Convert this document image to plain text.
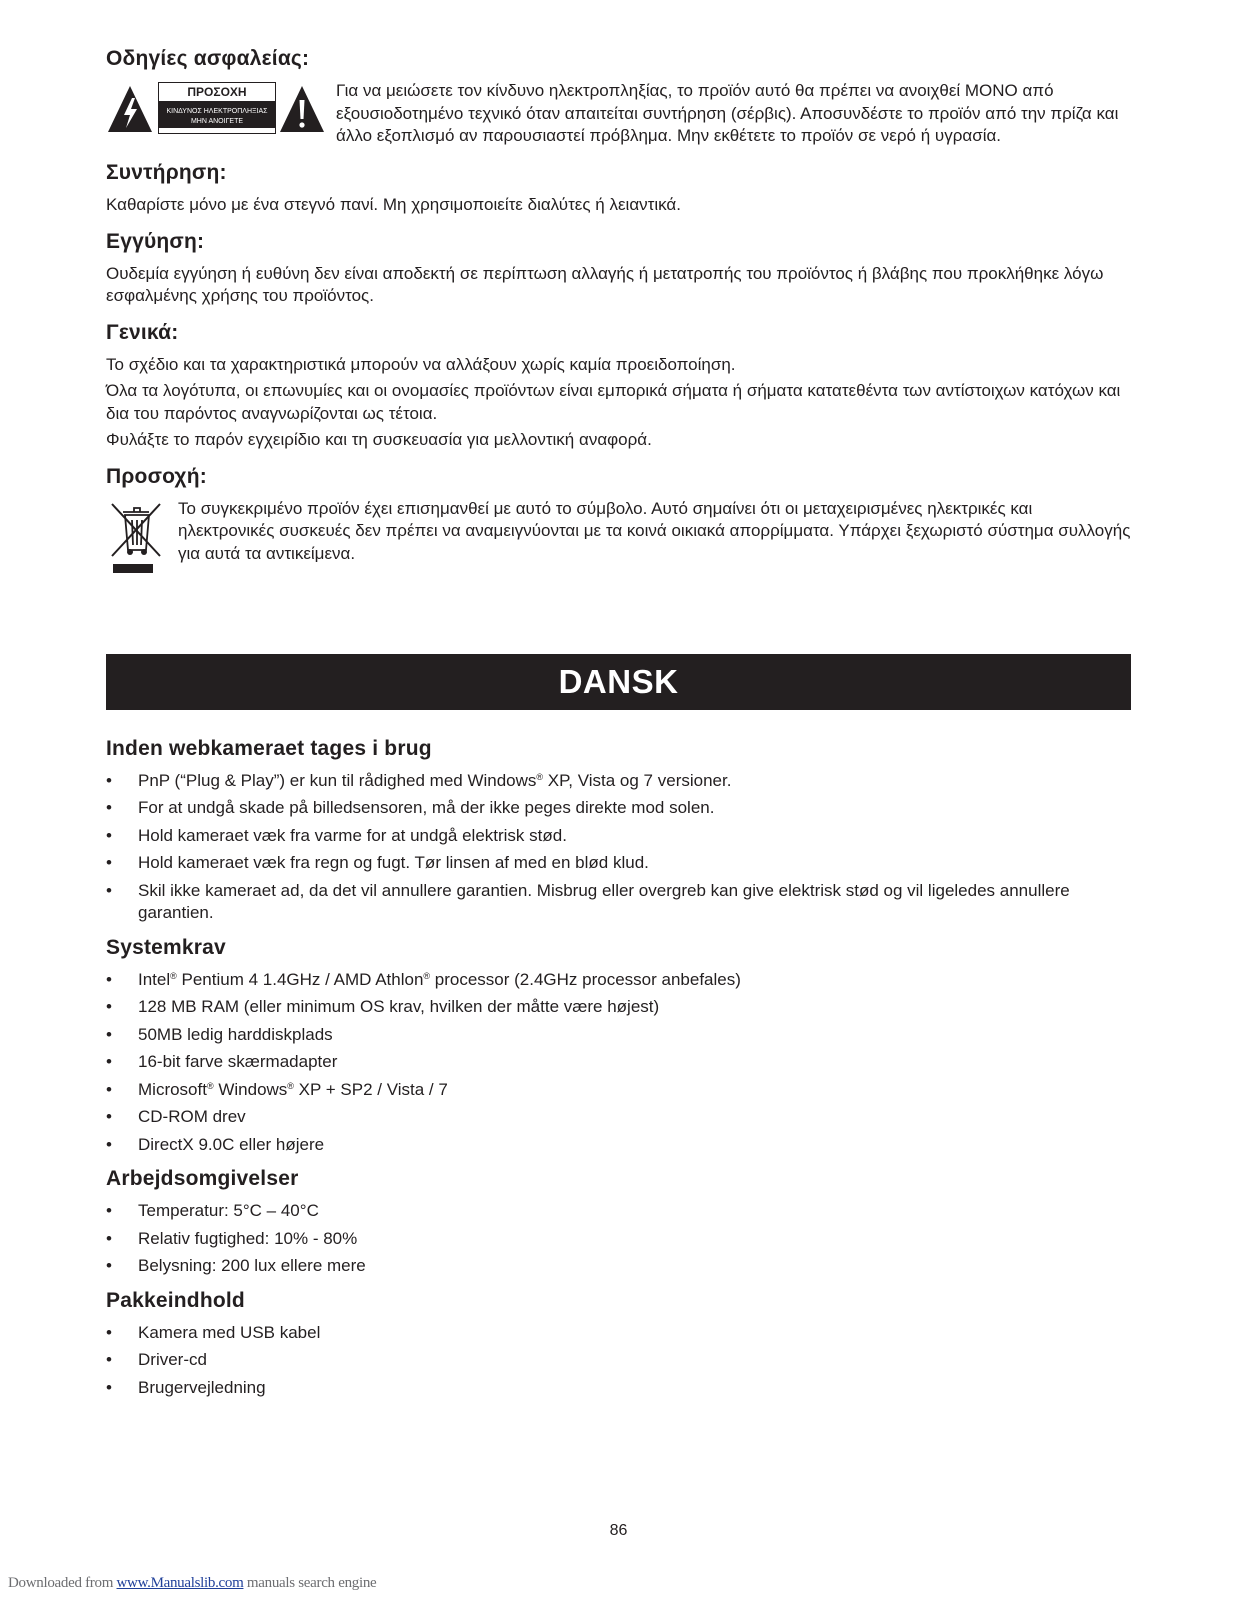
Οδηγίες ασφαλείας:
ΠΡΟΣΟΧΗ
ΚΙΝΔΥΝΟΣ ΗΛΕΚΤΡΟΠΛΗΞΙΑΣ
ΜΗΝ ΑΝΟΙΓΕΤΕ

Για να μειώσετε τον κίνδυνο ηλεκτροπληξίας, το προϊόν αυτό θα πρέπει να ανοιχθεί ΜΟΝΟ από εξουσιοδοτημένο τεχνικό όταν απαιτείται συντήρηση (σέρβις). Αποσυνδέστε το προϊόν από την πρίζα και άλλο εξοπλισμό αν παρουσιαστεί πρόβλημα. Μην εκθέτετε το προϊόν σε νερό ή υγρασία.

Συντήρηση:

Καθαρίστε μόνο με ένα στεγνό πανί. Μη χρησιμοποιείτε διαλύτες ή λειαντικά.

Εγγύηση:

Ουδεμία εγγύηση ή ευθύνη δεν είναι αποδεκτή σε περίπτωση αλλαγής ή μετατροπής του προϊόντος ή βλάβης που προκλήθηκε λόγω εσφαλμένης χρήσης του προϊόντος.

Γενικά:

Το σχέδιο και τα χαρακτηριστικά μπορούν να αλλάξουν χωρίς καμία προειδοποίηση.

Όλα τα λογότυπα, οι επωνυμίες και οι ονομασίες προϊόντων είναι εμπορικά σήματα ή σήματα κατατεθέντα των αντίστοιχων κατόχων και δια του παρόντος αναγνωρίζονται ως τέτοια.

Φυλάξτε το παρόν εγχειρίδιο και τη συσκευασία για μελλοντική αναφορά.

Προσοχή:

Το συγκεκριμένο προϊόν έχει επισημανθεί με αυτό το σύμβολο. Αυτό σημαίνει ότι οι μεταχειρισμένες ηλεκτρικές και ηλεκτρονικές συσκευές δεν πρέπει να αναμειγνύονται με τα κοινά οικιακά απορρίμματα. Υπάρχει ξεχωριστό σύστημα συλλογής για αυτά τα αντικείμενα.

DANSK
Inden webkameraet tages i brug
• PnP (“Plug & Play”) er kun til rådighed med Windows® XP, Vista og 7 versioner.
• For at undgå skade på billedsensoren, må der ikke peges direkte mod solen.
• Hold kameraet væk fra varme for at undgå elektrisk stød.
• Hold kameraet væk fra regn og fugt. Tør linsen af med en blød klud.
• Skil ikke kameraet ad, da det vil annullere garantien. Misbrug eller overgreb kan give elektrisk stød og vil ligeledes annullere garantien.
Systemkrav
• Intel® Pentium 4 1.4GHz / AMD Athlon® processor (2.4GHz processor anbefales)
• 128 MB RAM (eller minimum OS krav, hvilken der måtte være højest)
• 50MB ledig harddiskplads
• 16-bit farve skærmadapter
• Microsoft® Windows® XP + SP2 / Vista / 7
• CD-ROM drev
• DirectX 9.0C eller højere
Arbejdsomgivelser
• Temperatur: 5°C – 40°C
• Relativ fugtighed: 10% - 80%
• Belysning: 200 lux ellere mere
Pakkeindhold
• Kamera med USB kabel
• Driver-cd
• Brugervejledning
86
Downloaded from www.Manualslib.com manuals search engine
